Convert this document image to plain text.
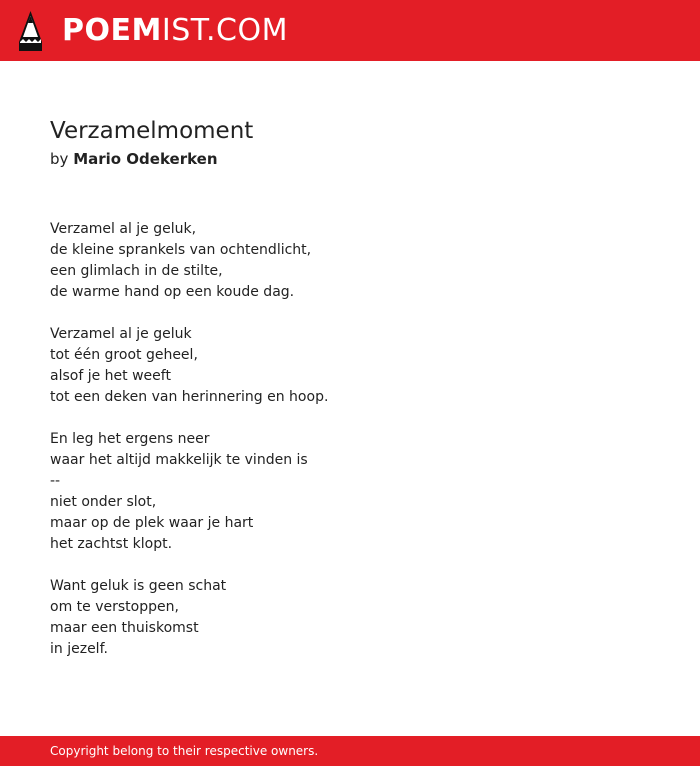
POEMIST.COM
Verzamelmoment
by Mario Odekerken
Verzamel al je geluk,
de kleine sprankels van ochtendlicht,
een glimlach in de stilte,
de warme hand op een koude dag.
Verzamel al je geluk
tot één groot geheel,
alsof je het weeft
tot een deken van herinnering en hoop.
En leg het ergens neer
waar het altijd makkelijk te vinden is
--
niet onder slot,
maar op de plek waar je hart
het zachtst klopt.
Want geluk is geen schat
om te verstoppen,
maar een thuiskomst
in jezelf.
Copyright belong to their respective owners.
